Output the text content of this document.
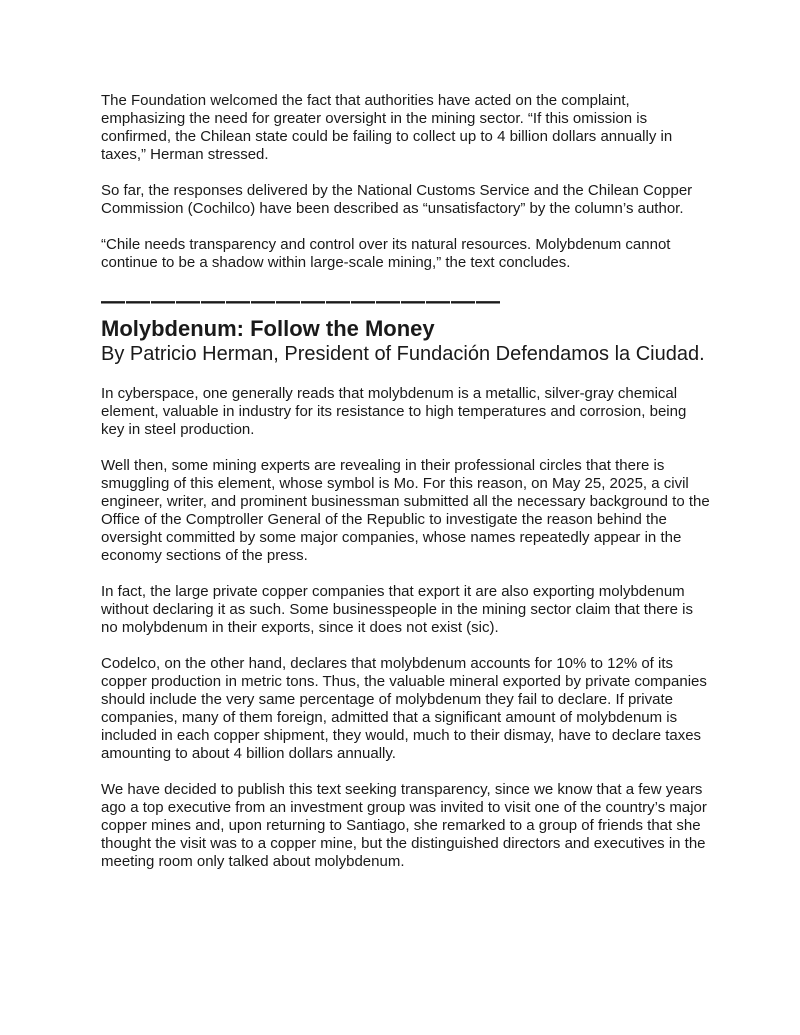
The Foundation welcomed the fact that authorities have acted on the complaint, emphasizing the need for greater oversight in the mining sector. “If this omission is confirmed, the Chilean state could be failing to collect up to 4 billion dollars annually in taxes,” Herman stressed.

So far, the responses delivered by the National Customs Service and the Chilean Copper Commission (Cochilco) have been described as “unsatisfactory” by the column’s author.

“Chile needs transparency and control over its natural resources. Molybdenum cannot continue to be a shadow within large-scale mining,” the text concludes.

————————————————
Molybdenum: Follow the Money
By Patricio Herman, President of Fundación Defendamos la Ciudad.

In cyberspace, one generally reads that molybdenum is a metallic, silver-gray chemical element, valuable in industry for its resistance to high temperatures and corrosion, being key in steel production.

Well then, some mining experts are revealing in their professional circles that there is smuggling of this element, whose symbol is Mo. For this reason, on May 25, 2025, a civil engineer, writer, and prominent businessman submitted all the necessary background to the Office of the Comptroller General of the Republic to investigate the reason behind the oversight committed by some major companies, whose names repeatedly appear in the economy sections of the press.

In fact, the large private copper companies that export it are also exporting molybdenum without declaring it as such. Some businesspeople in the mining sector claim that there is no molybdenum in their exports, since it does not exist (sic).

Codelco, on the other hand, declares that molybdenum accounts for 10% to 12% of its copper production in metric tons. Thus, the valuable mineral exported by private companies should include the very same percentage of molybdenum they fail to declare. If private companies, many of them foreign, admitted that a significant amount of molybdenum is included in each copper shipment, they would, much to their dismay, have to declare taxes amounting to about 4 billion dollars annually.

We have decided to publish this text seeking transparency, since we know that a few years ago a top executive from an investment group was invited to visit one of the country’s major copper mines and, upon returning to Santiago, she remarked to a group of friends that she thought the visit was to a copper mine, but the distinguished directors and executives in the meeting room only talked about molybdenum.
